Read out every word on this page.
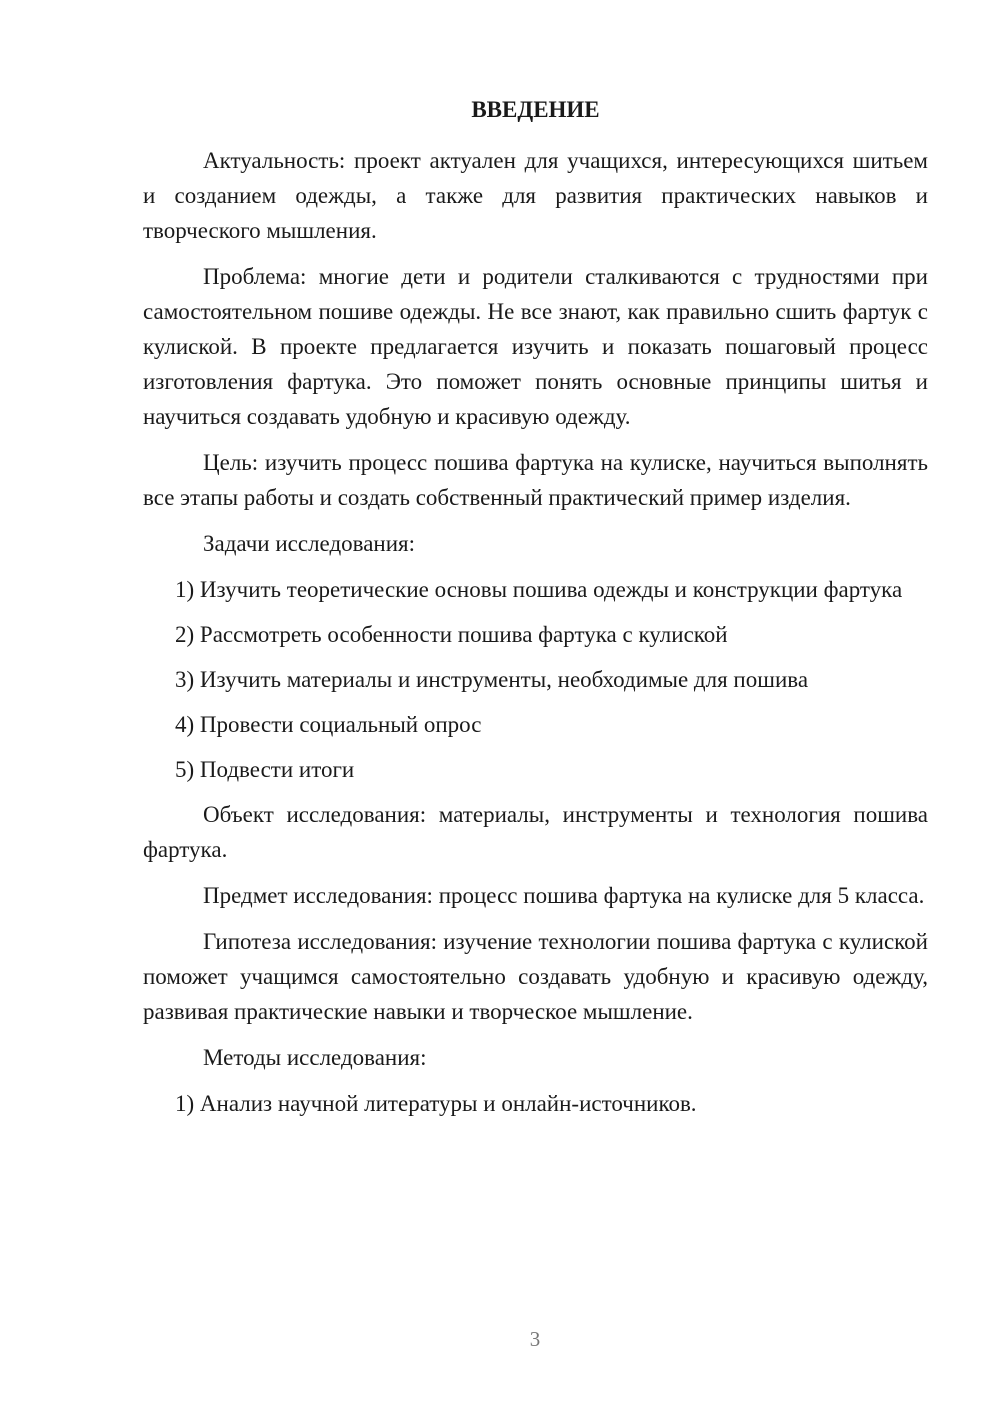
ВВЕДЕНИЕ

Актуальность: проект актуален для учащихся, интересующихся шитьем и созданием одежды, а также для развития практических навыков и творческого мышления.

Проблема: многие дети и родители сталкиваются с трудностями при самостоятельном пошиве одежды. Не все знают, как правильно сшить фартук с кулиской. В проекте предлагается изучить и показать пошаговый процесс изготовления фартука. Это поможет понять основные принципы шитья и научиться создавать удобную и красивую одежду.

Цель: изучить процесс пошива фартука на кулиске, научиться выполнять все этапы работы и создать собственный практический пример изделия.

Задачи исследования:

1) Изучить теоретические основы пошива одежды и конструкции фартука

2) Рассмотреть особенности пошива фартука с кулиской

3) Изучить материалы и инструменты, необходимые для пошива

4) Провести социальный опрос

5) Подвести итоги

Объект исследования: материалы, инструменты и технология пошива фартука.

Предмет исследования: процесс пошива фартука на кулиске для 5 класса.

Гипотеза исследования: изучение технологии пошива фартука с кулиской поможет учащимся самостоятельно создавать удобную и красивую одежду, развивая практические навыки и творческое мышление.

Методы исследования:

1) Анализ научной литературы и онлайн-источников.

3
